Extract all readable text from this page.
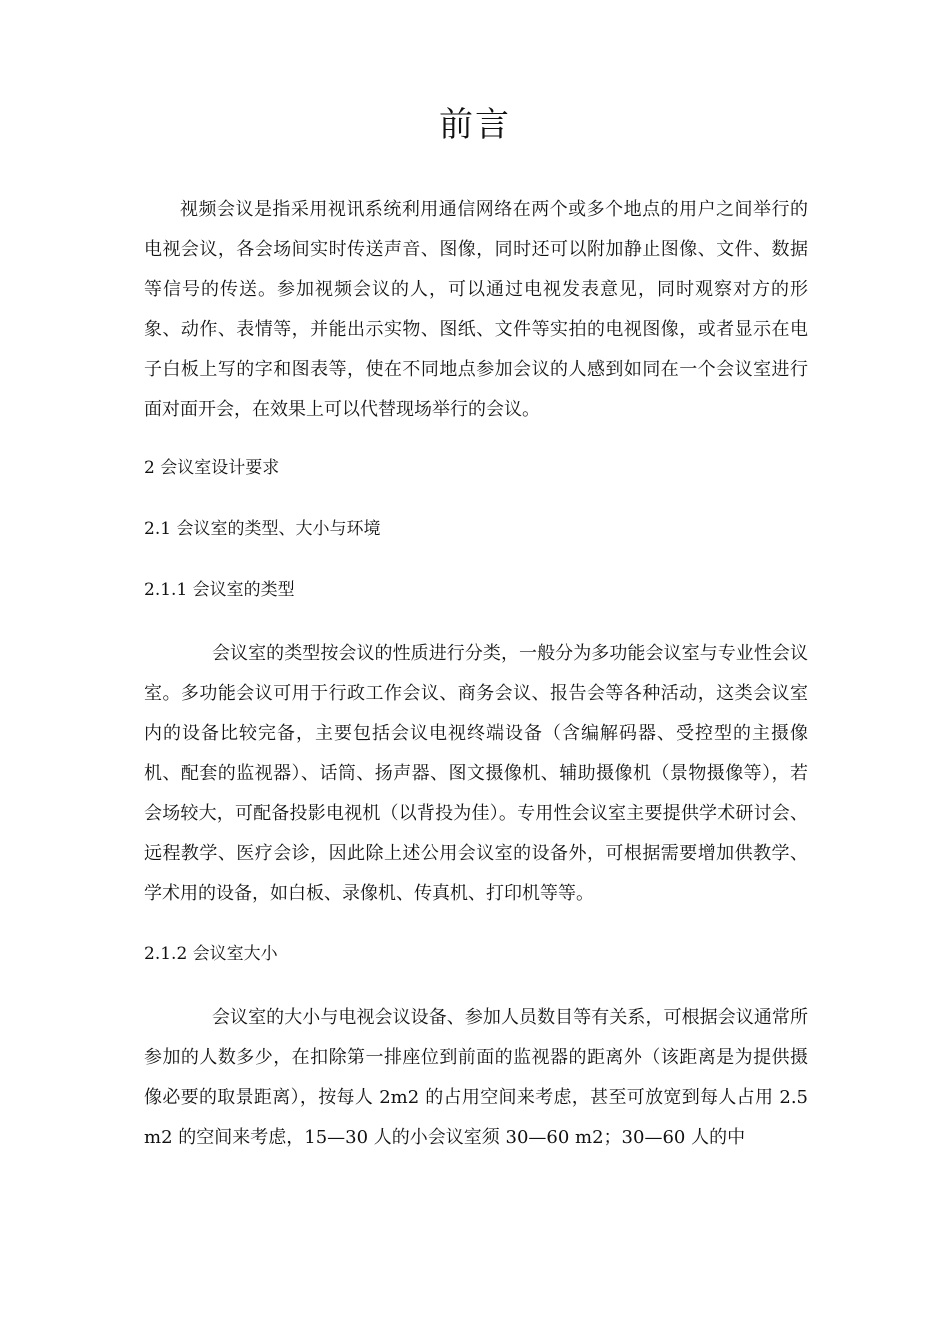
前言

视频会议是指采用视讯系统利用通信网络在两个或多个地点的用户之间举行的电视会议，各会场间实时传送声音、图像，同时还可以附加静止图像、文件、数据等信号的传送。参加视频会议的人，可以通过电视发表意见，同时观察对方的形象、动作、表情等，并能出示实物、图纸、文件等实拍的电视图像，或者显示在电子白板上写的字和图表等，使在不同地点参加会议的人感到如同在一个会议室进行面对面开会，在效果上可以代替现场举行的会议。

2 会议室设计要求
2.1 会议室的类型、大小与环境
2.1.1 会议室的类型

会议室的类型按会议的性质进行分类，一般分为多功能会议室与专业性会议室。多功能会议可用于行政工作会议、商务会议、报告会等各种活动，这类会议室内的设备比较完备，主要包括会议电视终端设备（含编解码器、受控型的主摄像机、配套的监视器）、话筒、扬声器、图文摄像机、辅助摄像机（景物摄像等），若会场较大，可配备投影电视机（以背投为佳）。专用性会议室主要提供学术研讨会、远程教学、医疗会诊，因此除上述公用会议室的设备外，可根据需要增加供教学、学术用的设备，如白板、录像机、传真机、打印机等等。

2.1.2 会议室大小

会议室的大小与电视会议设备、参加人员数目等有关系，可根据会议通常所参加的人数多少，在扣除第一排座位到前面的监视器的距离外（该距离是为提供摄像必要的取景距离），按每人 2m2 的占用空间来考虑，甚至可放宽到每人占用 2.5m2 的空间来考虑，15—30 人的小会议室须 30—60 m2；30—60 人的中
